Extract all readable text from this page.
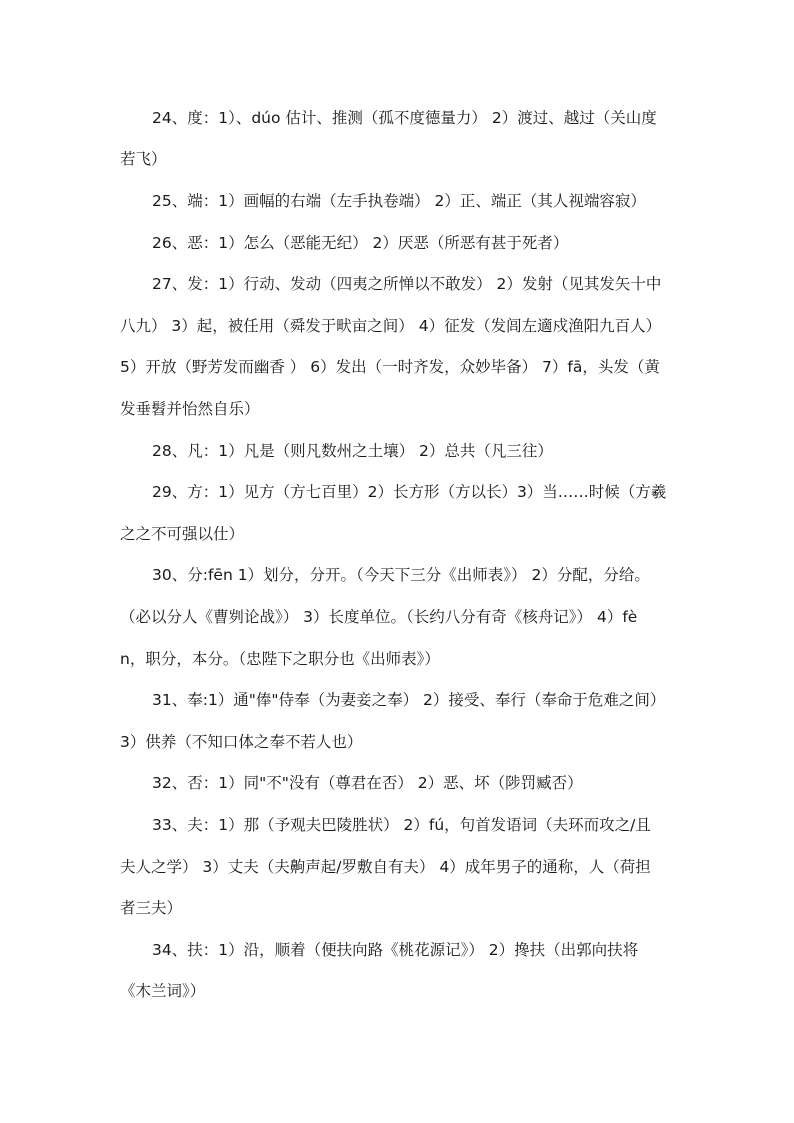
24、度：1）、dúo 估计、推测（孤不度德量力） 2）渡过、越过（关山度
若飞）
25、端：1）画幅的右端（左手执卷端） 2）正、端正（其人视端容寂）
26、恶：1）怎么（恶能无纪） 2）厌恶（所恶有甚于死者）
27、发：1）行动、发动（四夷之所惮以不敢发） 2）发射（见其发矢十中
八九） 3）起，被任用（舜发于畎亩之间） 4）征发（发闾左適戍渔阳九百人）
5）开放（野芳发而幽香 ） 6）发出（一时齐发，众妙毕备） 7）fā，头发（黄
发垂髫并怡然自乐）
28、凡：1）凡是（则凡数州之土壤） 2）总共（凡三往）
29、方：1）见方（方七百里）2）长方形（方以长）3）当……时候（方羲
之之不可强以仕）
30、分:fēn 1）划分，分开。（今天下三分《出师表》） 2）分配，分给。
（必以分人《曹刿论战》） 3）长度单位。（长约八分有奇《核舟记》） 4）fè
n，职分，本分。（忠陛下之职分也《出师表》）
31、奉:1）通"俸"侍奉（为妻妾之奉） 2）接受、奉行（奉命于危难之间）
3）供养（不知口体之奉不若人也）
32、否：1）同"不"没有（尊君在否） 2）恶、坏（陟罚臧否）
33、夫：1）那（予观夫巴陵胜状） 2）fú，句首发语词（夫环而攻之/且
夫人之学） 3）丈夫（夫齁声起/罗敷自有夫） 4）成年男子的通称，人（荷担
者三夫）
34、扶：1）沿，顺着（便扶向路《桃花源记》） 2）搀扶（出郭向扶将
《木兰词》）
